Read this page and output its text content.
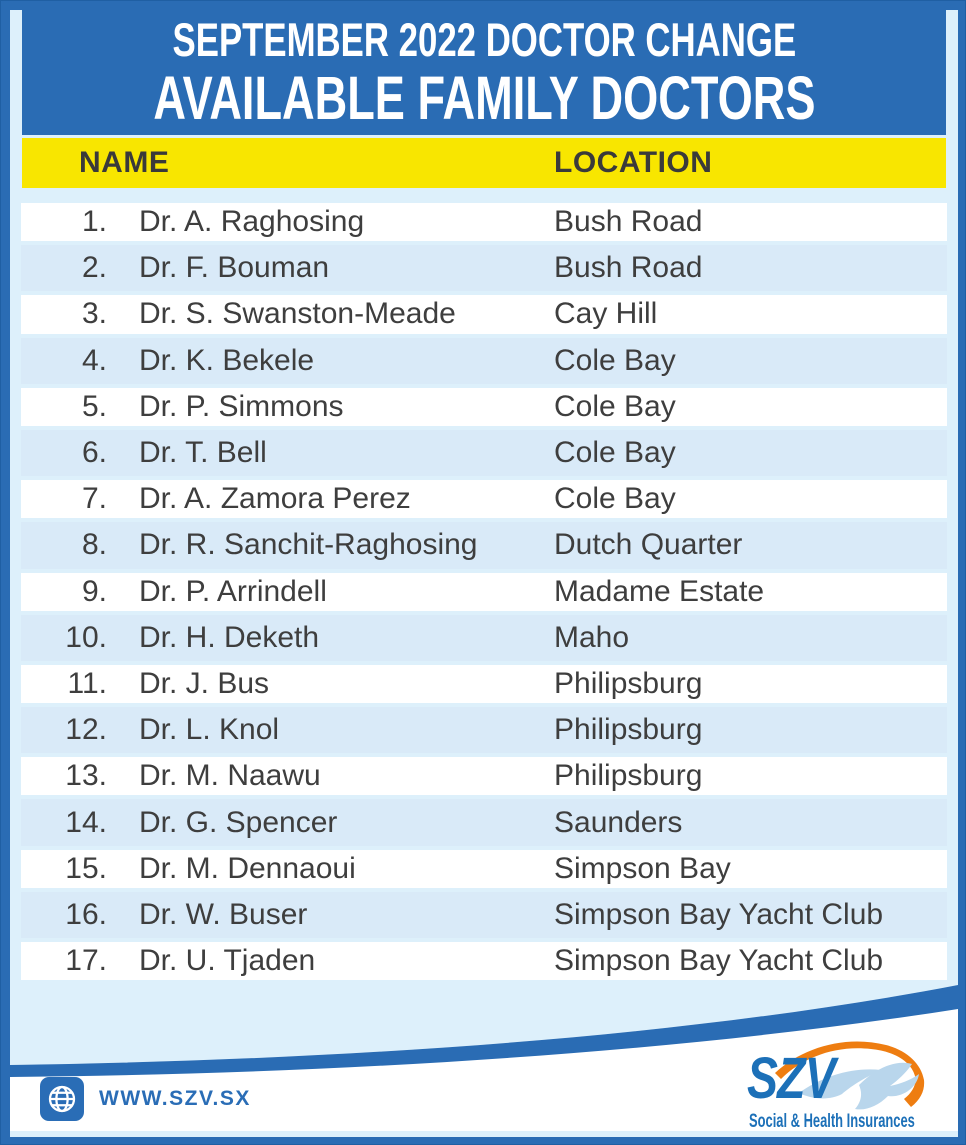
SEPTEMBER 2022 DOCTOR CHANGE
AVAILABLE FAMILY DOCTORS
NAME	LOCATION
1. Dr. A. Raghosing	Bush Road
2. Dr. F. Bouman	Bush Road
3. Dr. S. Swanston-Meade	Cay Hill
4. Dr. K. Bekele	Cole Bay
5. Dr. P. Simmons	Cole Bay
6. Dr. T. Bell	Cole Bay
7. Dr. A. Zamora Perez	Cole Bay
8. Dr. R. Sanchit-Raghosing	Dutch Quarter
9. Dr. P. Arrindell	Madame Estate
10. Dr. H. Deketh	Maho
11. Dr. J. Bus	Philipsburg
12. Dr. L. Knol	Philipsburg
13. Dr. M. Naawu	Philipsburg
14. Dr. G. Spencer	Saunders
15. Dr. M. Dennaoui	Simpson Bay
16. Dr. W. Buser	Simpson Bay Yacht Club
17. Dr. U. Tjaden	Simpson Bay Yacht Club
WWW.SZV.SX	SZV
Social & Health Insurances
